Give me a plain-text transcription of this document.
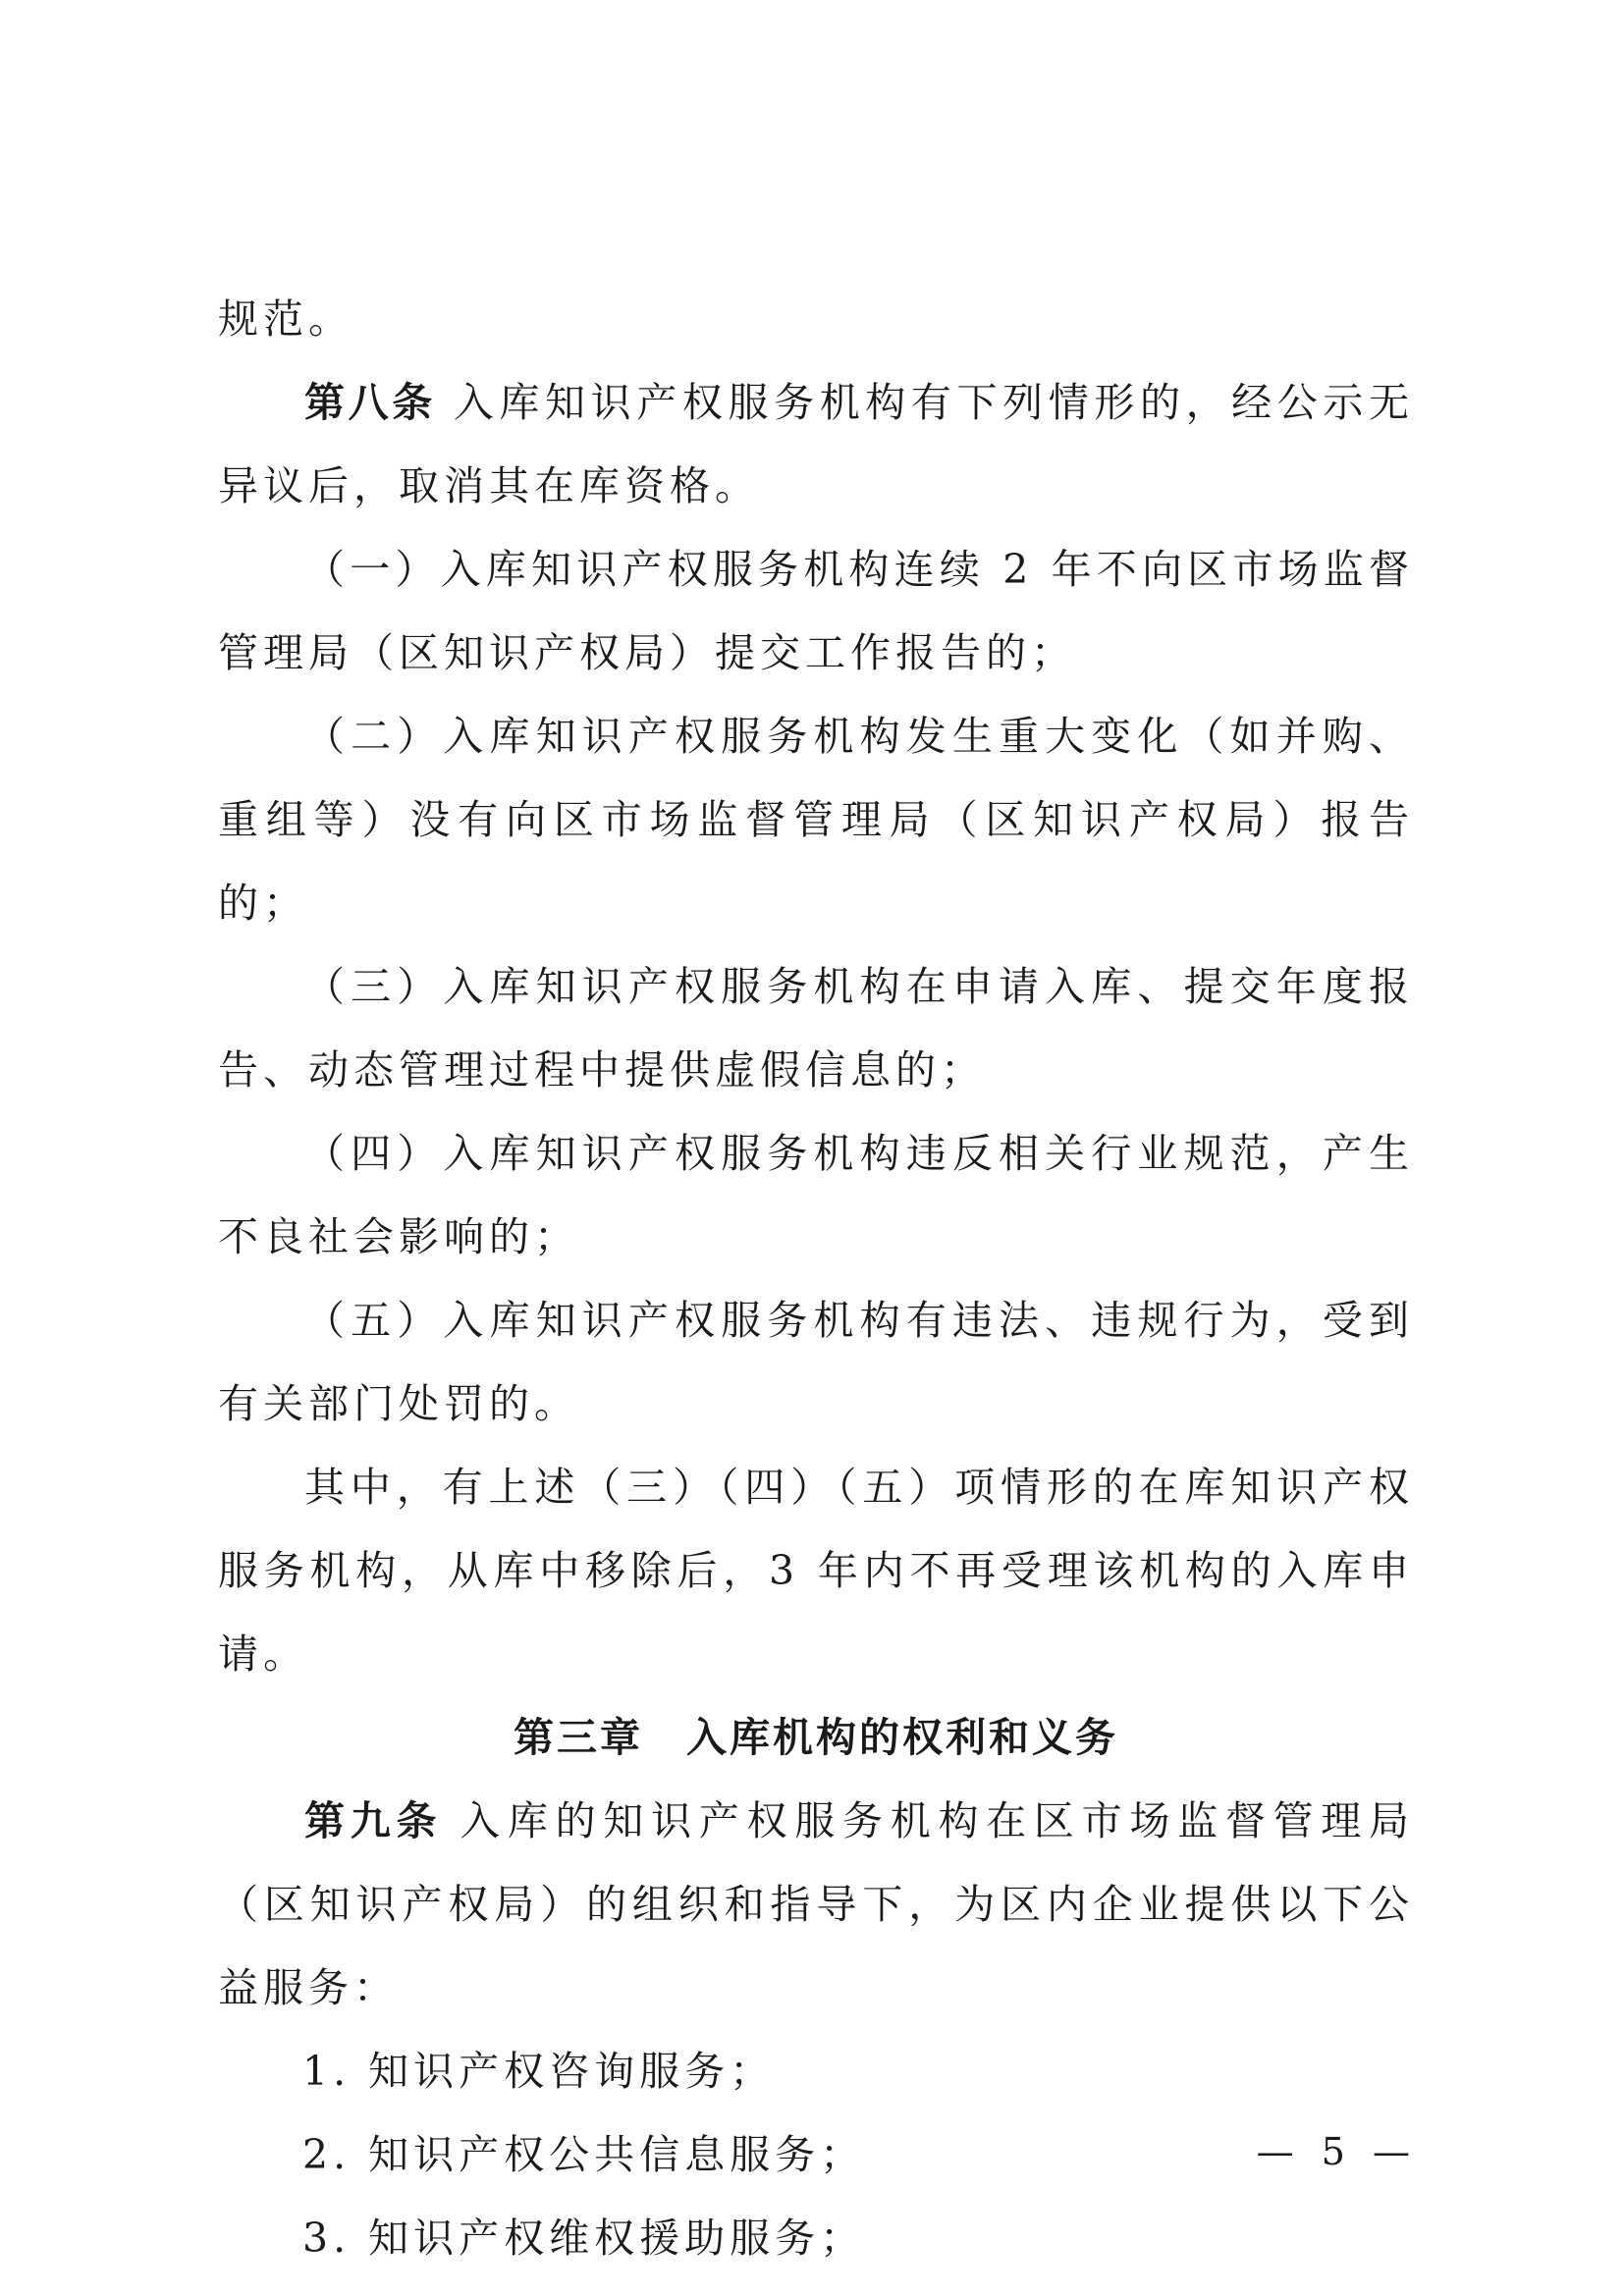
规范。

第八条 入库知识产权服务机构有下列情形的，经公示无异议后，取消其在库资格。

（一）入库知识产权服务机构连续 2 年不向区市场监督管理局（区知识产权局）提交工作报告的；

（二）入库知识产权服务机构发生重大变化（如并购、重组等）没有向区市场监督管理局（区知识产权局）报告的；

（三）入库知识产权服务机构在申请入库、提交年度报告、动态管理过程中提供虚假信息的；

（四）入库知识产权服务机构违反相关行业规范，产生不良社会影响的；

（五）入库知识产权服务机构有违法、违规行为，受到有关部门处罚的。

其中，有上述（三）（四）（五）项情形的在库知识产权服务机构，从库中移除后，3 年内不再受理该机构的入库申请。

第三章　入库机构的权利和义务

第九条 入库的知识产权服务机构在区市场监督管理局（区知识产权局）的组织和指导下，为区内企业提供以下公益服务：

1. 知识产权咨询服务；

2. 知识产权公共信息服务；

3. 知识产权维权援助服务；

— 5 —
